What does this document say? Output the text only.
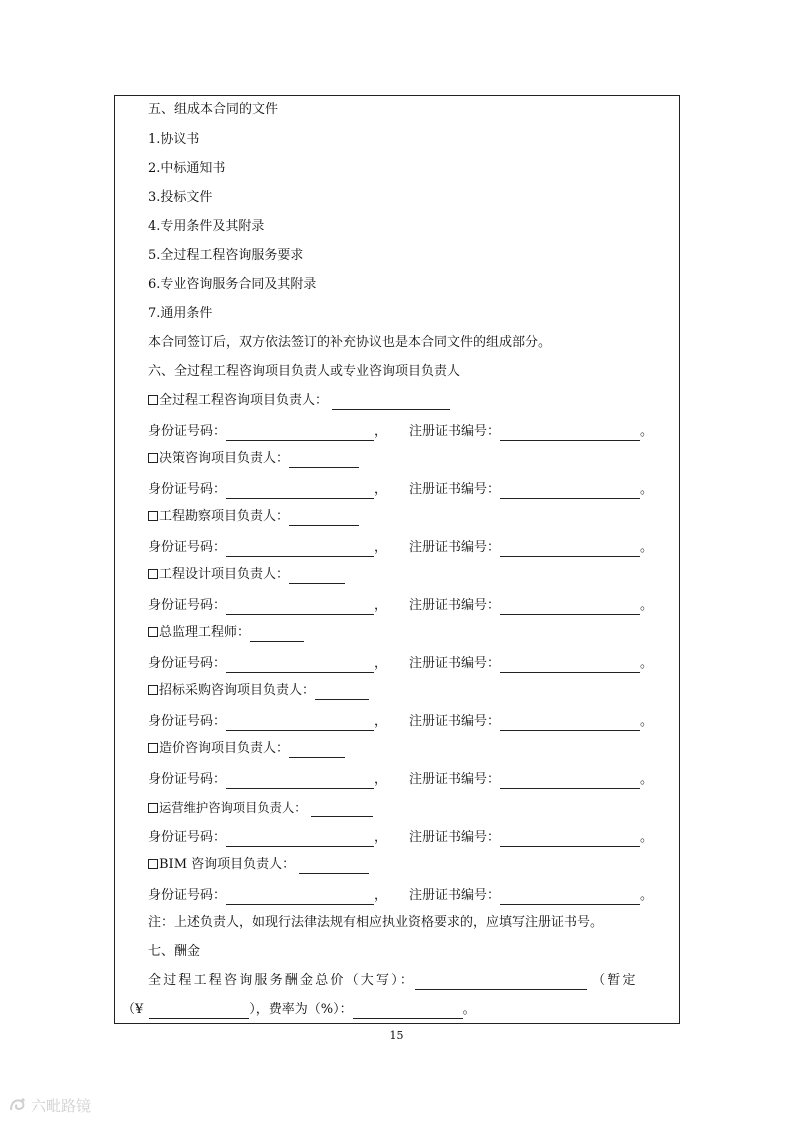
五、组成本合同的文件
1.协议书
2.中标通知书
3.投标文件
4.专用条件及其附录
5.全过程工程咨询服务要求
6.专业咨询服务合同及其附录
7.通用条件
本合同签订后，双方依法签订的补充协议也是本合同文件的组成部分。
六、全过程工程咨询项目负责人或专业咨询项目负责人
全过程工程咨询项目负责人：
身份证号码：	， 注册证书编号：	。
决策咨询项目负责人：
身份证号码：	， 注册证书编号：	。
工程勘察项目负责人：
身份证号码：	， 注册证书编号：	。
工程设计项目负责人：
身份证号码：	， 注册证书编号：	。
总监理工程师：
身份证号码：	， 注册证书编号：	。
招标采购咨询项目负责人：
身份证号码：	， 注册证书编号：	。
造价咨询项目负责人：
身份证号码：	， 注册证书编号：	。
运营维护咨询项目负责人：
身份证号码：	， 注册证书编号：	。
BIM 咨询项目负责人：
身份证号码：	， 注册证书编号：	。
注：上述负责人，如现行法律法规有相应执业资格要求的，应填写注册证书号。
七、酬金
全过程工程咨询服务酬金总价（大写）：	（暂定
（¥	），费率为（%）：	。
15
六毗路镜
